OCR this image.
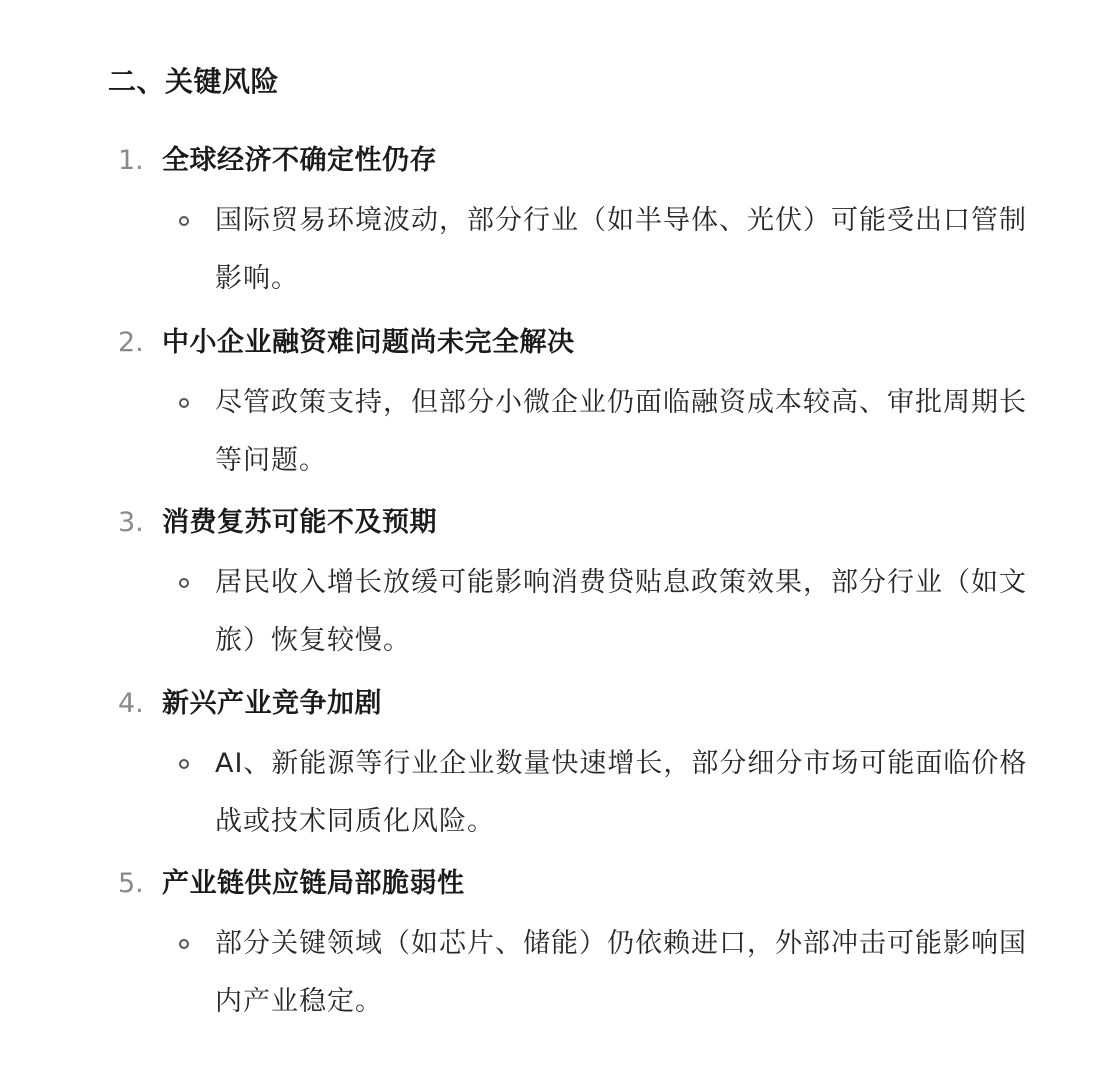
二、关键风险
1. 全球经济不确定性仍存
国际贸易环境波动，部分行业（如半导体、光伏）可能受出口管制影响。
2. 中小企业融资难问题尚未完全解决
尽管政策支持，但部分小微企业仍面临融资成本较高、审批周期长等问题。
3. 消费复苏可能不及预期
居民收入增长放缓可能影响消费贷贴息政策效果，部分行业（如文旅）恢复较慢。
4. 新兴产业竞争加剧
AI、新能源等行业企业数量快速增长，部分细分市场可能面临价格战或技术同质化风险。
5. 产业链供应链局部脆弱性
部分关键领域（如芯片、储能）仍依赖进口，外部冲击可能影响国内产业稳定。
